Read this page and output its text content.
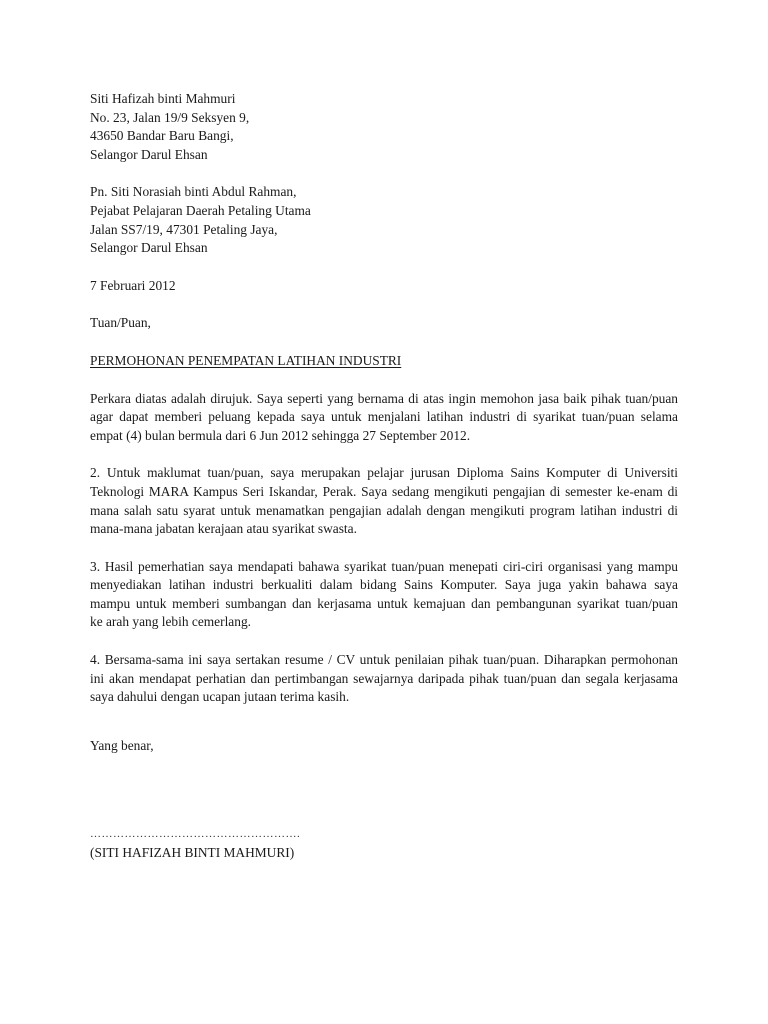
Siti Hafizah binti Mahmuri
No. 23, Jalan 19/9 Seksyen 9,
43650 Bandar Baru Bangi,
Selangor Darul Ehsan
Pn. Siti Norasiah binti Abdul Rahman,
Pejabat Pelajaran Daerah Petaling Utama
Jalan SS7/19, 47301 Petaling Jaya,
Selangor Darul Ehsan
7 Februari 2012
Tuan/Puan,
PERMOHONAN PENEMPATAN LATIHAN INDUSTRI
Perkara diatas adalah dirujuk. Saya seperti yang bernama di atas ingin memohon jasa baik pihak tuan/puan
agar dapat memberi peluang kepada saya untuk menjalani latihan industri di syarikat tuan/puan selama
empat (4) bulan bermula dari 6 Jun 2012 sehingga 27 September 2012.
2. Untuk maklumat tuan/puan, saya merupakan pelajar jurusan Diploma Sains Komputer di Universiti
Teknologi MARA Kampus Seri Iskandar, Perak. Saya sedang mengikuti pengajian di semester ke-enam di
mana salah satu syarat untuk menamatkan pengajian adalah dengan mengikuti program latihan industri di
mana-mana jabatan kerajaan atau syarikat swasta.
3. Hasil pemerhatian saya mendapati bahawa syarikat tuan/puan menepati ciri-ciri organisasi yang mampu
menyediakan latihan industri berkualiti dalam bidang Sains Komputer. Saya juga yakin bahawa saya
mampu untuk memberi sumbangan dan kerjasama untuk kemajuan dan pembangunan syarikat tuan/puan
ke arah yang lebih cemerlang.
4. Bersama-sama ini saya sertakan resume / CV untuk penilaian pihak tuan/puan. Diharapkan permohonan
ini akan mendapat perhatian dan pertimbangan sewajarnya daripada pihak tuan/puan dan segala kerjasama
saya dahului dengan ucapan jutaan terima kasih.
Yang benar,
……………………………………………….
(SITI HAFIZAH BINTI MAHMURI)
